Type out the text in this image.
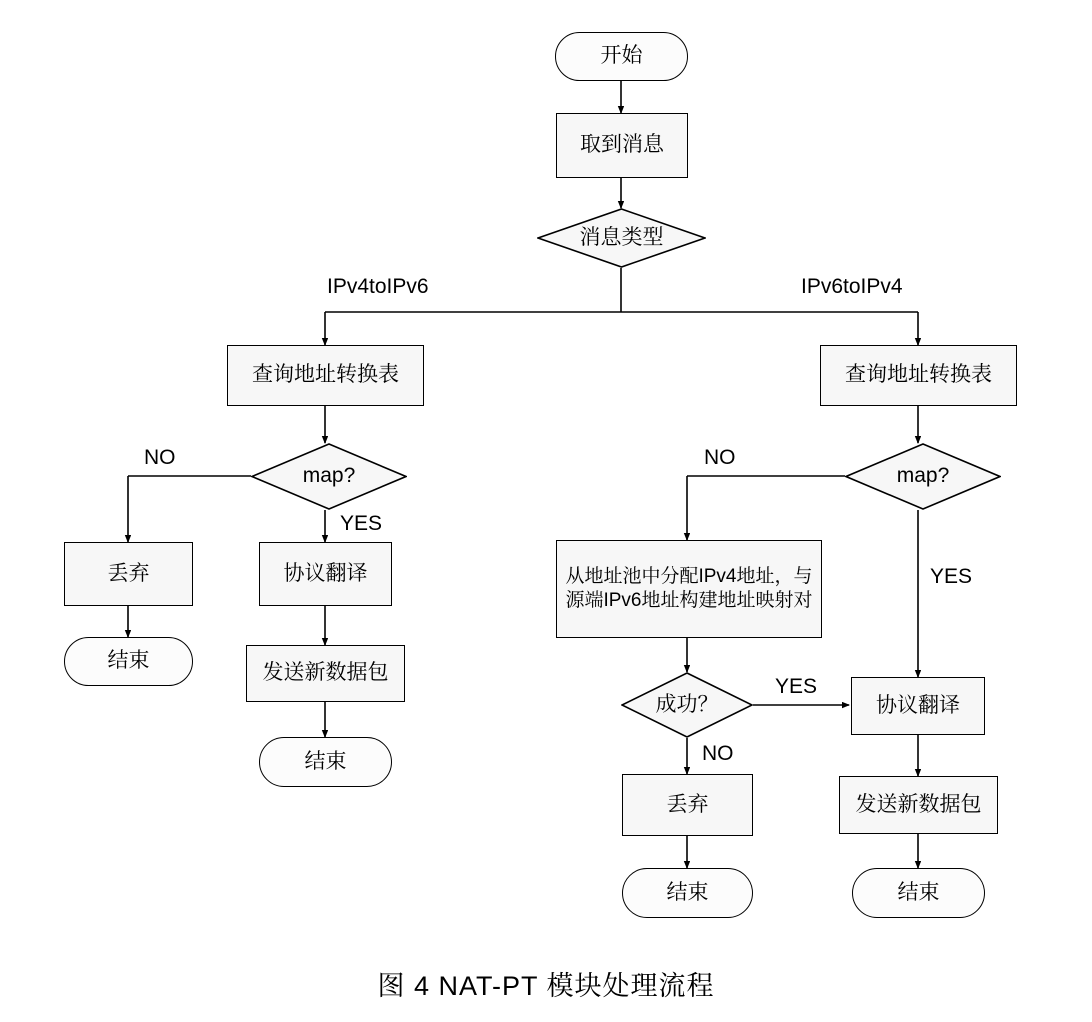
开始
取到消息
消息类型
查询地址转换表
map?
丢弃
结束
协议翻译
发送新数据包
结束
查询地址转换表
map?
从地址池中分配IPv4地址，与源端IPv6地址构建地址映射对
成功？
丢弃
结束
协议翻译
发送新数据包
结束
IPv4toIPv6	IPv6toIPv4
NO
YES
NO
YES
YES
NO
图 4 NAT-PT 模块处理流程
